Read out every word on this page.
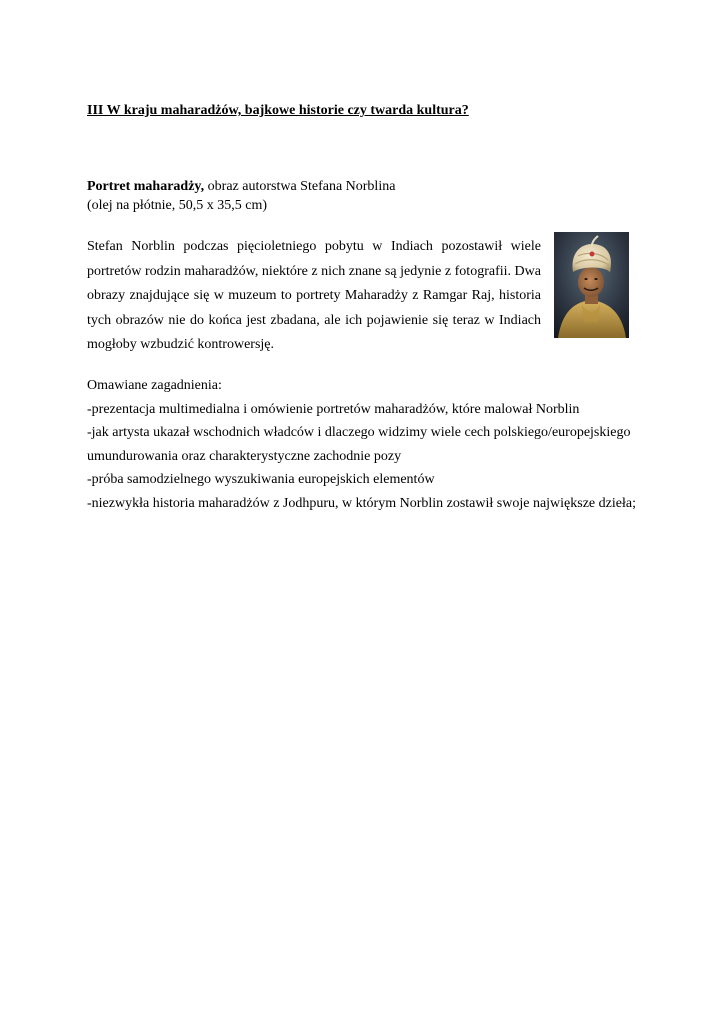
III W kraju maharadżów, bajkowe historie czy twarda kultura?

Portret maharadży, obraz autorstwa Stefana Norblina
(olej na płótnie, 50,5 x 35,5 cm)

Stefan Norblin podczas pięcioletniego pobytu w Indiach pozostawił wiele portretów rodzin maharadżów, niektóre z nich znane są jedynie z fotografii. Dwa obrazy znajdujące się w muzeum to portrety Maharadży z Ramgar Raj, historia tych obrazów nie do końca jest zbadana, ale ich pojawienie się teraz w Indiach mogłoby wzbudzić kontrowersję.

Omawiane zagadnienia:
-prezentacja multimedialna i omówienie portretów maharadżów, które malował Norblin
-jak artysta ukazał wschodnich władców i dlaczego widzimy wiele cech polskiego/europejskiego
umundurowania oraz charakterystyczne zachodnie pozy
-próba samodzielnego wyszukiwania europejskich elementów
-niezwykła historia maharadżów z Jodhpuru, w którym Norblin zostawił swoje największe dzieła;
